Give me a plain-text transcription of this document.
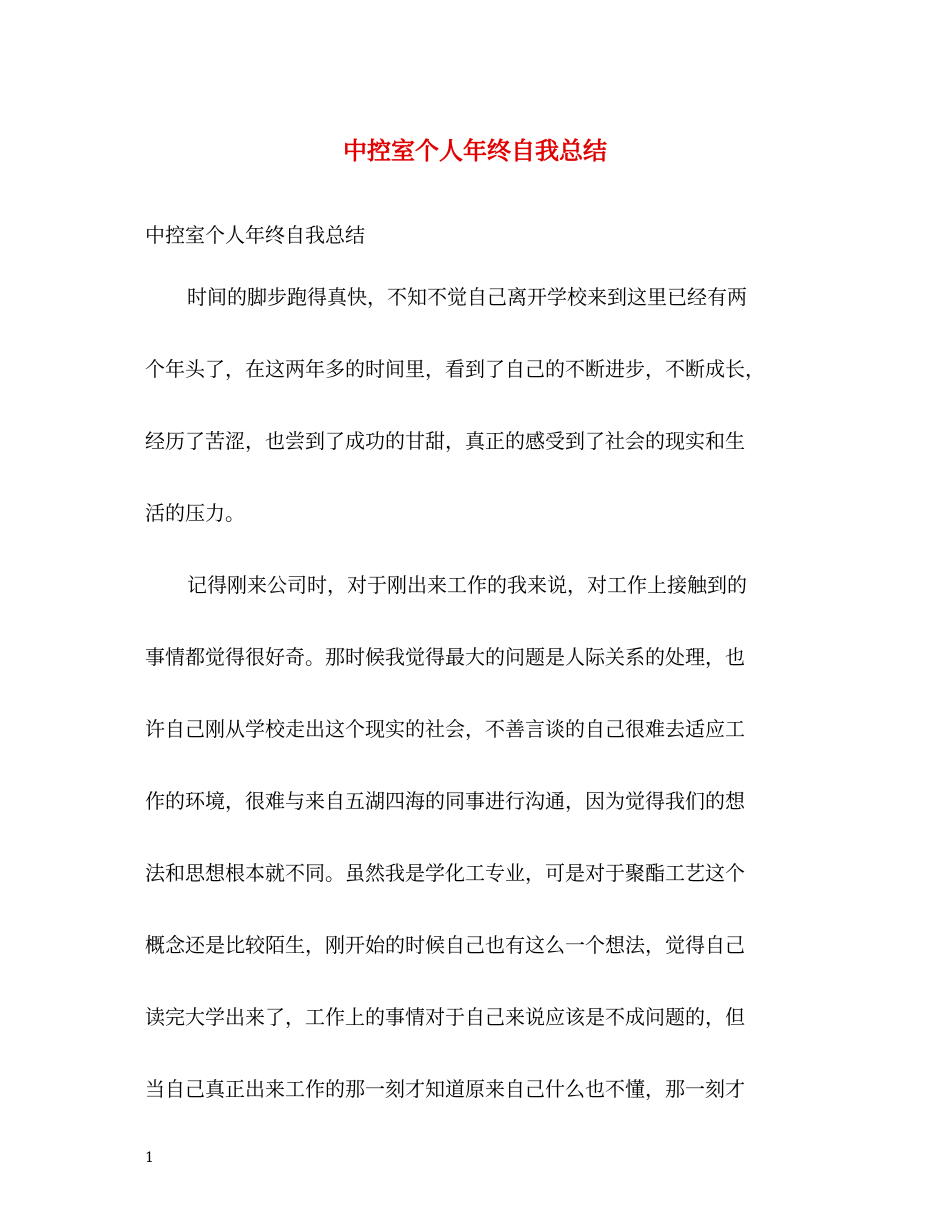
中控室个人年终自我总结

中控室个人年终自我总结

时间的脚步跑得真快，不知不觉自己离开学校来到这里已经有两
个年头了，在这两年多的时间里，看到了自己的不断进步，不断成长，
经历了苦涩，也尝到了成功的甘甜，真正的感受到了社会的现实和生
活的压力。
记得刚来公司时，对于刚出来工作的我来说，对工作上接触到的
事情都觉得很好奇。那时候我觉得最大的问题是人际关系的处理，也
许自己刚从学校走出这个现实的社会，不善言谈的自己很难去适应工
作的环境，很难与来自五湖四海的同事进行沟通，因为觉得我们的想
法和思想根本就不同。虽然我是学化工专业，可是对于聚酯工艺这个
概念还是比较陌生，刚开始的时候自己也有这么一个想法，觉得自己
读完大学出来了，工作上的事情对于自己来说应该是不成问题的，但
当自己真正出来工作的那一刻才知道原来自己什么也不懂，那一刻才
1
